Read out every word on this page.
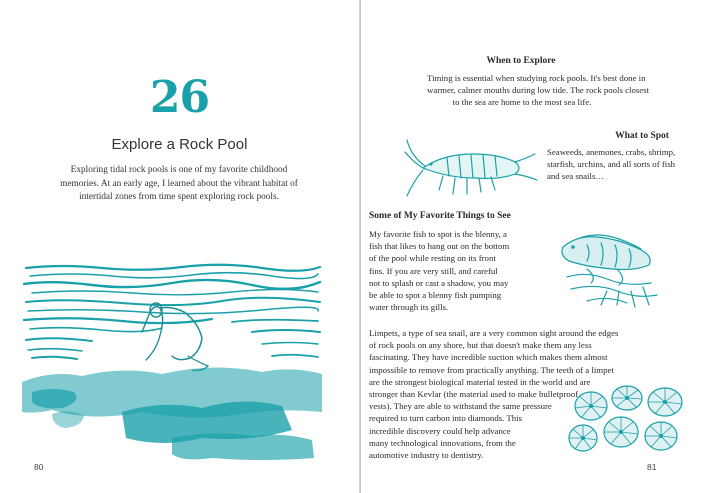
26
Explore a Rock Pool
Exploring tidal rock pools is one of my favorite childhood
memories. At an early age, I learned about the vibrant habitat of
intertidal zones from time spent exploring rock pools.
80
When to Explore
Timing is essential when studying rock pools. It's best done in
warmer, calmer mouths during low tide. The rock pools closest
to the sea are home to the most sea life.
What to Spot
Seaweeds, anemones, crabs, shrimp,
starfish, urchins, and all sorts of fish
and sea snails…
Some of My Favorite Things to See
My favorite fish to spot is the blenny, a
fish that likes to hang out on the bottom
of the pool while resting on its front
fins. If you are very still, and careful
not to splash or cast a shadow, you may
be able to spot a blenny fish pumping
water through its gills.
Limpets, a type of sea snail, are a very common sight around the edges
of rock pools on any shore, but that doesn't make them any less
fascinating. They have incredible suction which makes them almost
impossible to remove from practically anything. The teeth of a limpet
are the strongest biological material tested in the world and are
stronger than Kevlar (the material used to make bulletproof
vests). They are able to withstand the same pressure
required to turn carbon into diamonds. This
incredible discovery could help advance
many technological innovations, from the
automotive industry to dentistry.
81
